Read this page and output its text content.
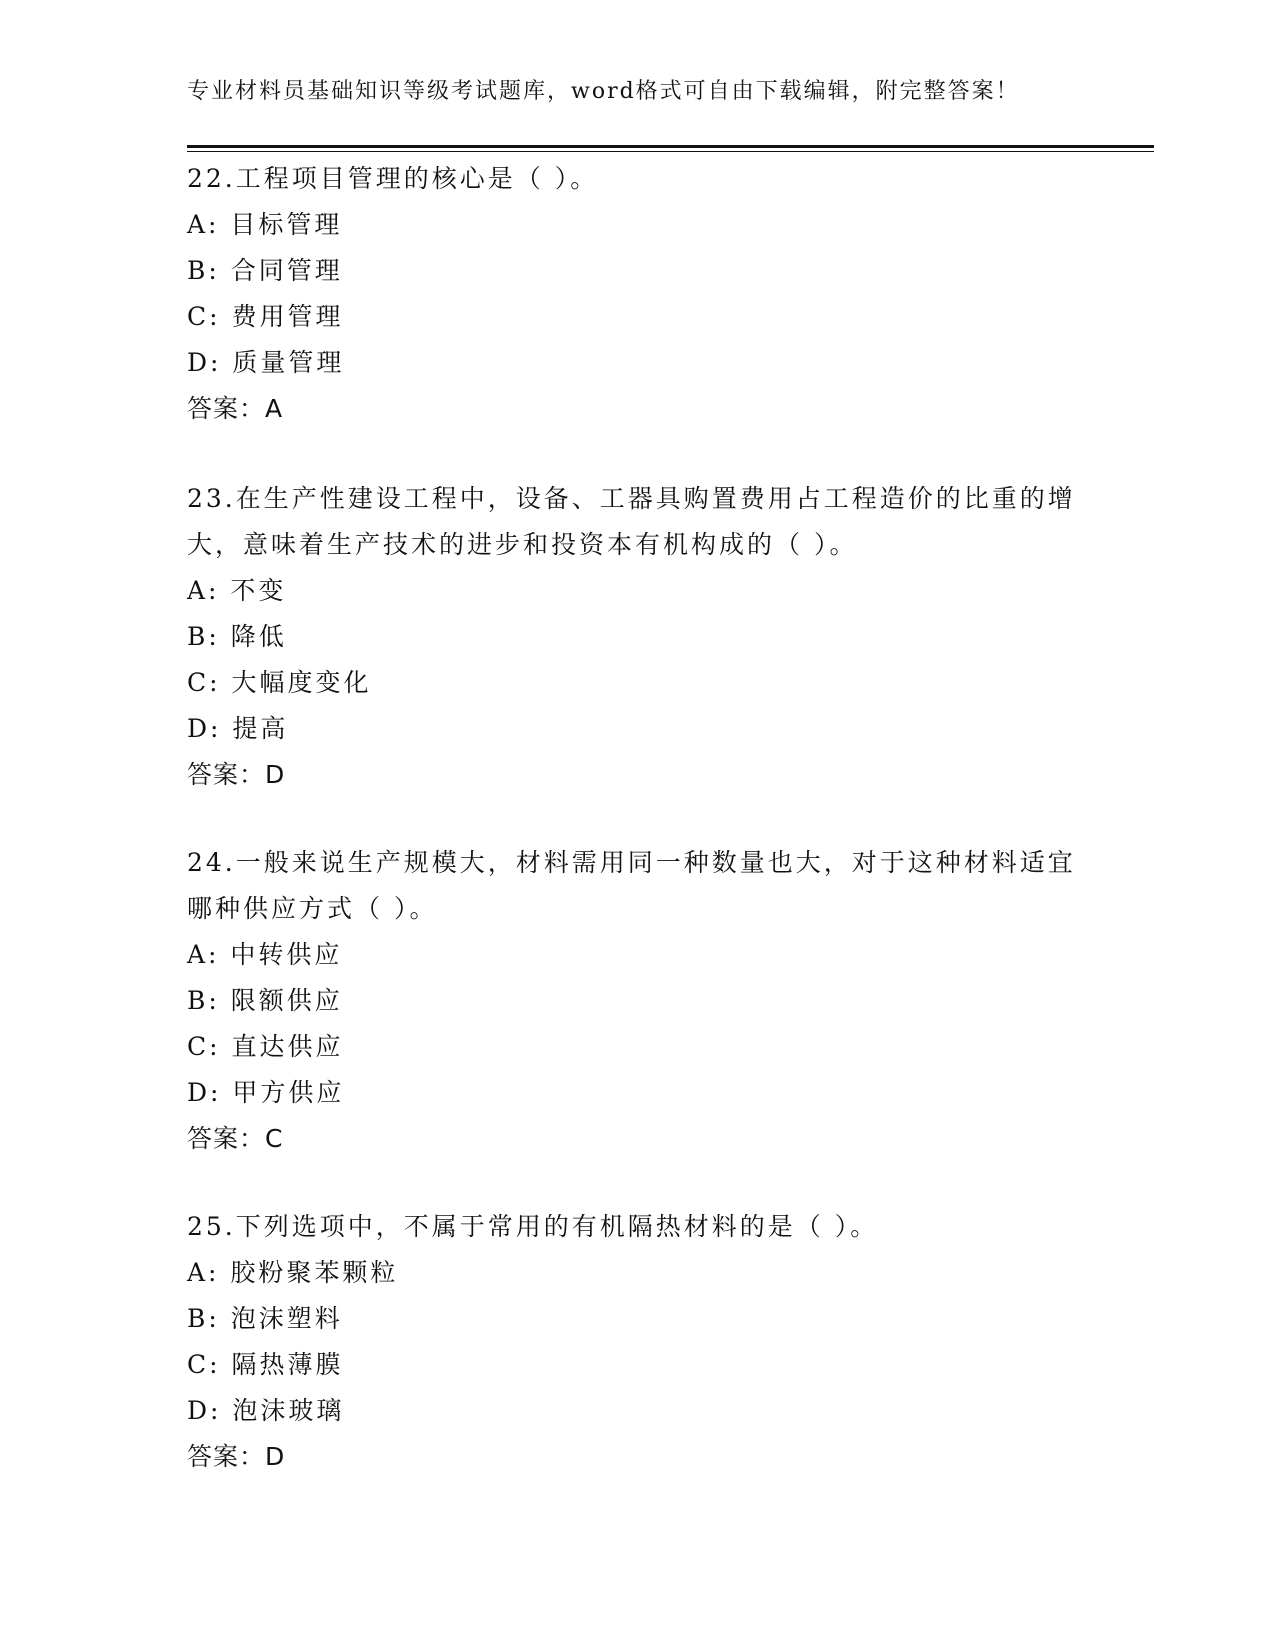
专业材料员基础知识等级考试题库，word格式可自由下载编辑，附完整答案！

22.工程项目管理的核心是（ ）。

A: 目标管理

B: 合同管理

C: 费用管理

D: 质量管理

答案：A

23.在生产性建设工程中，设备、工器具购置费用占工程造价的比重的增大，意味着生产技术的进步和投资本有机构成的（ ）。

A: 不变

B: 降低

C: 大幅度变化

D: 提高

答案：D

24.一般来说生产规模大，材料需用同一种数量也大，对于这种材料适宜哪种供应方式（ ）。

A: 中转供应

B: 限额供应

C: 直达供应

D: 甲方供应

答案：C

25.下列选项中，不属于常用的有机隔热材料的是（ ）。

A: 胶粉聚苯颗粒

B: 泡沫塑料

C: 隔热薄膜

D: 泡沫玻璃

答案：D
